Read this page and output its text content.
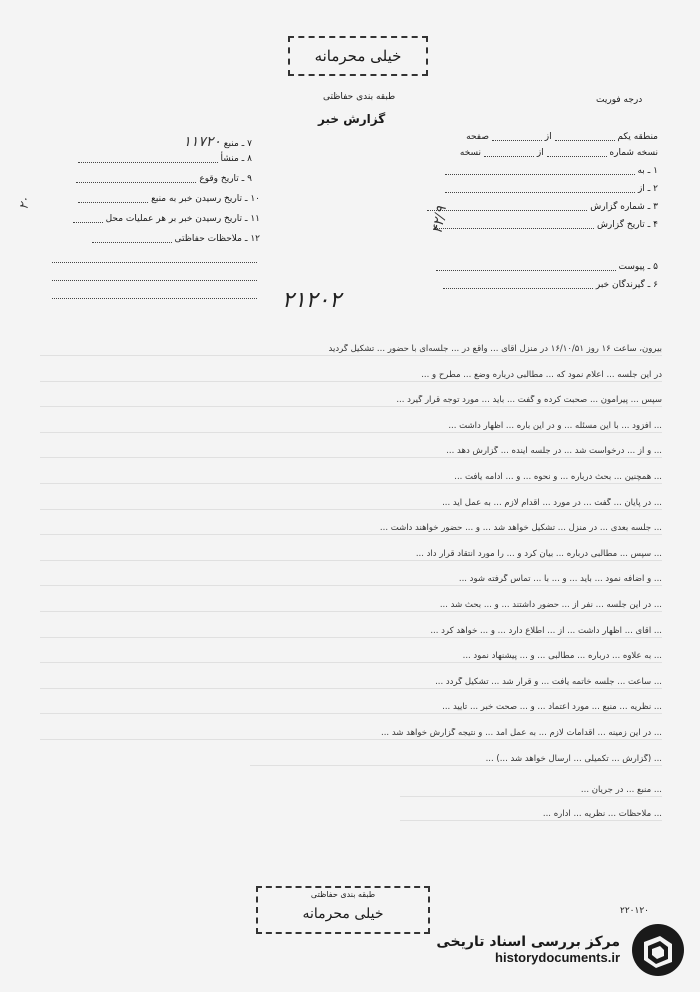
خیلی محرمانه
درجه فوریت
طبقه بندی حفاظتی
گزارش خبر
منطقه یکم  از  صفحه
نسخه شماره  از  نسخه
۱ ـ به
۲ ـ از
۳ ـ شماره گزارش
۴ ـ تاریخ گزارش
۵ ـ پیوست
۶ ـ گیرندگان خبر
۷ ـ منبع ۱۱۷۲۰
۸ ـ منشأ
۹ ـ تاریخ وقوع
۱۰ ـ تاریخ رسیدن خبر به منبع
۱۱ ـ تاریخ رسیدن خبر بر هر عملیات محل
۱۲ ـ ملاحظات حفاظتی
۴۲/۹
۲۰
۲۱۲۰۲
بیرون، ساعت ۱۶ روز ۱۶/۱۰/۵۱ در منزل آقای ... واقع در ... جلسه‌ای با حضور ... تشکیل گردید
در این جلسه ... اعلام نمود که ... مطالبی درباره وضع ... مطرح و ...
سپس ... پیرامون ... صحبت کرده و گفت ... باید ... مورد توجه قرار گیرد ...
... افزود ... با این مسئله ... و در این باره ... اظهار داشت ...
... و از ... درخواست شد ... در جلسه آینده ... گزارش دهد ...
... همچنین ... بحث درباره ... و نحوه ... و ... ادامه یافت ...
... در پایان ... گفت ... در مورد ... اقدام لازم ... به عمل آید ...
... جلسه بعدی ... در منزل ... تشکیل خواهد شد ... و ... حضور خواهند داشت ...
... سپس ... مطالبی درباره ... بیان کرد و ... را مورد انتقاد قرار داد ...
... و اضافه نمود ... باید ... و ... با ... تماس گرفته شود ...
... در این جلسه ... نفر از ... حضور داشتند ... و ... بحث شد ...
... آقای ... اظهار داشت ... از ... اطلاع دارد ... و ... خواهد کرد ...
... به علاوه ... درباره ... مطالبی ... و ... پیشنهاد نمود ...
... ساعت ... جلسه خاتمه یافت ... و قرار شد ... تشکیل گردد ...
... نظریه ... منبع ... مورد اعتماد ... و ... صحت خبر ... تأیید ...
... در این زمینه ... اقدامات لازم ... به عمل آمد ... و نتیجه گزارش خواهد شد ...
... (گزارش ... تکمیلی ... ارسال خواهد شد ...) ...
... منبع ... در جریان ...
... ملاحظات ... نظریه ... اداره ...
طبقه بندی حفاظتی
خیلی محرمانه	۲۲۰۱۲۰
مرکز بررسی اسناد تاریخی
historydocuments.ir
